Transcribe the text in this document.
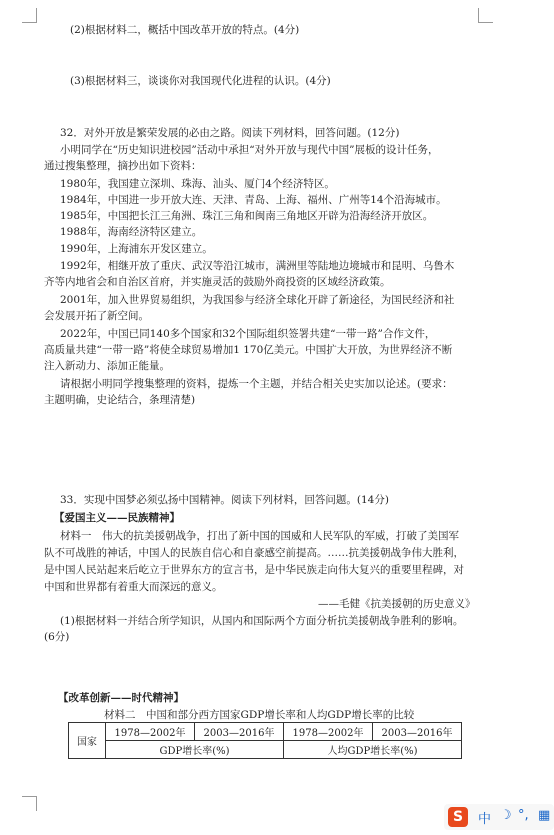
(2)根据材料二，概括中国改革开放的特点。(4分)
(3)根据材料三，谈谈你对我国现代化进程的认识。(4分)
32．对外开放是繁荣发展的必由之路。阅读下列材料，回答问题。(12分)
小明同学在“历史知识进校园”活动中承担“对外开放与现代中国”展板的设计任务，
通过搜集整理，摘抄出如下资料：
1980年，我国建立深圳、珠海、汕头、厦门4个经济特区。
1984年，中国进一步开放大连、天津、青岛、上海、福州、广州等14个沿海城市。
1985年，中国把长江三角洲、珠江三角和闽南三角地区开辟为沿海经济开放区。
1988年，海南经济特区建立。
1990年，上海浦东开发区建立。
1992年，相继开放了重庆、武汉等沿江城市，满洲里等陆地边境城市和昆明、乌鲁木
齐等内地省会和自治区首府，并实施灵活的鼓励外商投资的区域经济政策。
2001年，加入世界贸易组织，为我国参与经济全球化开辟了新途径，为国民经济和社
会发展开拓了新空间。
2022年，中国已同140多个国家和32个国际组织签署共建“一带一路”合作文件，
高质量共建“一带一路”将使全球贸易增加1 170亿美元。中国扩大开放，为世界经济不断
注入新动力、添加正能量。
请根据小明同学搜集整理的资料，提炼一个主题，并结合相关史实加以论述。(要求：
主题明确，史论结合，条理清楚)
33．实现中国梦必须弘扬中国精神。阅读下列材料，回答问题。(14分)
【爱国主义——民族精神】
材料一　伟大的抗美援朝战争，打出了新中国的国威和人民军队的军威，打破了美国军
队不可战胜的神话，中国人的民族自信心和自豪感空前提高。……抗美援朝战争伟大胜利，
是中国人民站起来后屹立于世界东方的宣言书，是中华民族走向伟大复兴的重要里程碑，对
中国和世界都有着重大而深远的意义。
——毛健《抗美援朝的历史意义》
(1)根据材料一并结合所学知识，从国内和国际两个方面分析抗美援朝战争胜利的影响。
(6分)
【改革创新——时代精神】
材料二　中国和部分西方国家GDP增长率和人均GDP增长率的比较
国家	1978—2002年	2003—2016年	1978—2002年	2003—2016年
	GDP增长率(%)		人均GDP增长率(%)	
S	中 ☽ °, ▦
